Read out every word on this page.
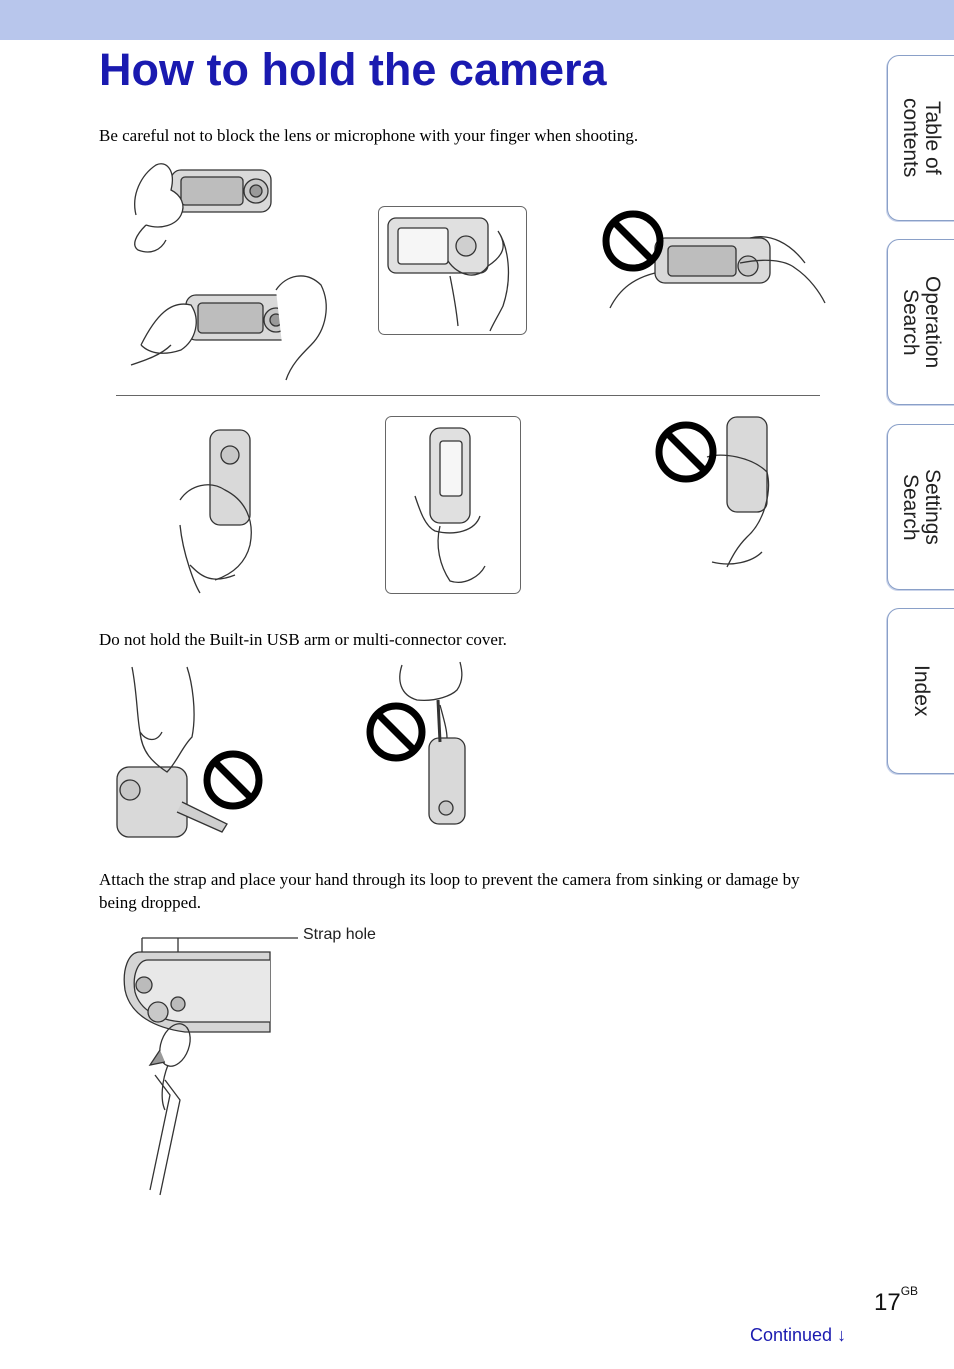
How to hold the camera

Be careful not to block the lens or microphone with your finger when shooting.

Do not hold the Built-in USB arm or multi-connector cover.

Attach the strap and place your hand through its loop to prevent the camera from sinking or damage by being dropped.

Strap hole
Table of
contents
Operation
Search
Settings
Search
Index
$17^{GB}$
Continued ↓
